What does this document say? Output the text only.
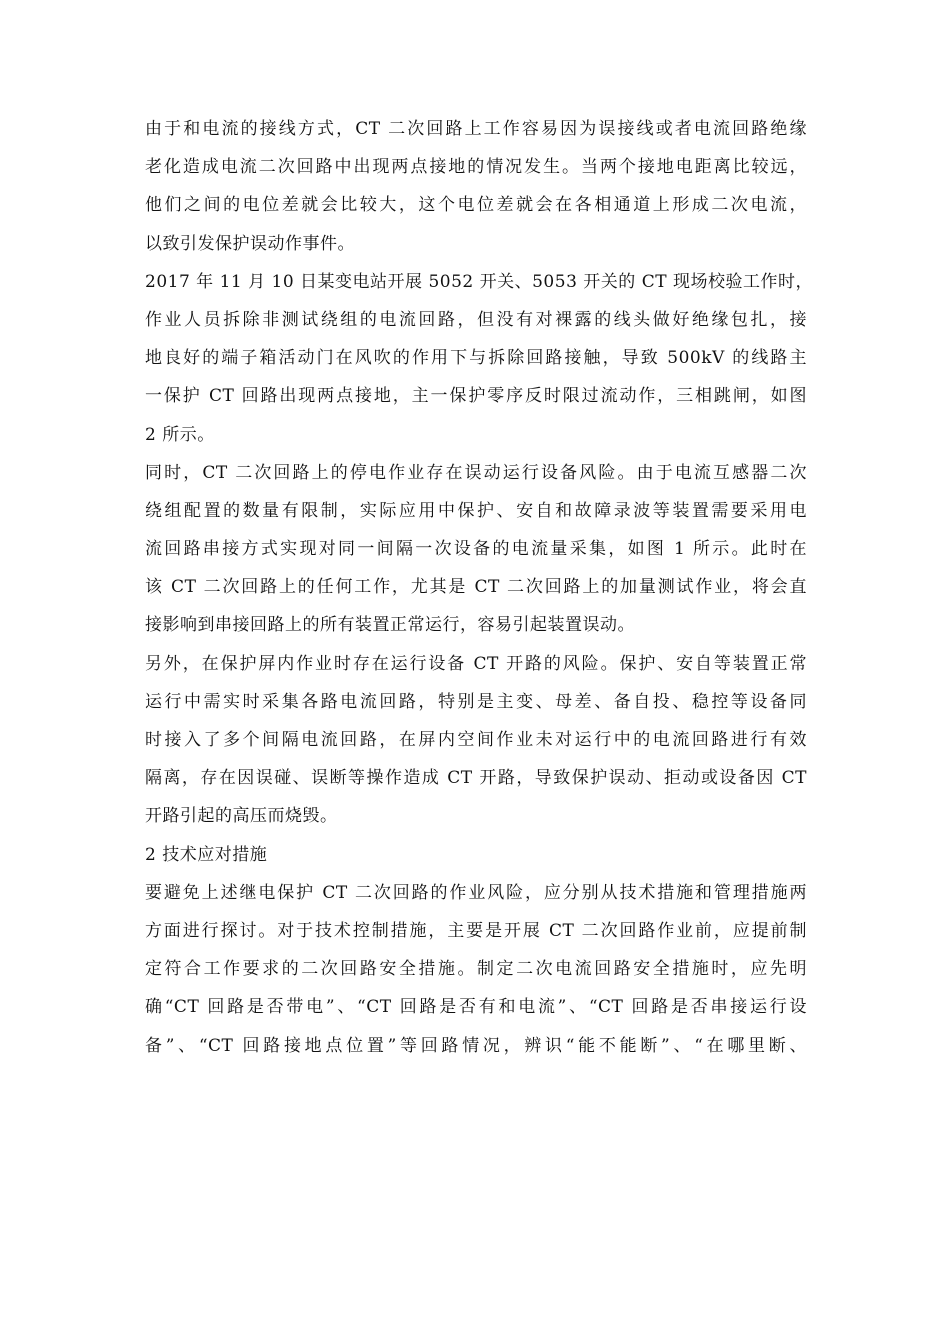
由于和电流的接线方式，CT 二次回路上工作容易因为误接线或者电流回路绝缘
老化造成电流二次回路中出现两点接地的情况发生。当两个接地电距离比较远，
他们之间的电位差就会比较大，这个电位差就会在各相通道上形成二次电流，
以致引发保护误动作事件。
2017 年 11 月 10 日某变电站开展 5052 开关、5053 开关的 CT 现场校验工作时，
作业人员拆除非测试绕组的电流回路，但没有对裸露的线头做好绝缘包扎，接
地良好的端子箱活动门在风吹的作用下与拆除回路接触，导致 500kV 的线路主
一保护 CT 回路出现两点接地，主一保护零序反时限过流动作，三相跳闸，如图
2 所示。
同时，CT 二次回路上的停电作业存在误动运行设备风险。由于电流互感器二次
绕组配置的数量有限制，实际应用中保护、安自和故障录波等装置需要采用电
流回路串接方式实现对同一间隔一次设备的电流量采集，如图 1 所示。此时在
该 CT 二次回路上的任何工作，尤其是 CT 二次回路上的加量测试作业，将会直
接影响到串接回路上的所有装置正常运行，容易引起装置误动。
另外，在保护屏内作业时存在运行设备 CT 开路的风险。保护、安自等装置正常
运行中需实时采集各路电流回路，特别是主变、母差、备自投、稳控等设备同
时接入了多个间隔电流回路，在屏内空间作业未对运行中的电流回路进行有效
隔离，存在因误碰、误断等操作造成 CT 开路，导致保护误动、拒动或设备因 CT
开路引起的高压而烧毁。
2 技术应对措施
要避免上述继电保护 CT 二次回路的作业风险，应分别从技术措施和管理措施两
方面进行探讨。对于技术控制措施，主要是开展 CT 二次回路作业前，应提前制
定符合工作要求的二次回路安全措施。制定二次电流回路安全措施时，应先明
确“CT 回路是否带电”、“CT 回路是否有和电流”、“CT 回路是否串接运行设
备”、“CT 回路接地点位置”等回路情况，辨识“能不能断”、“在哪里断、
